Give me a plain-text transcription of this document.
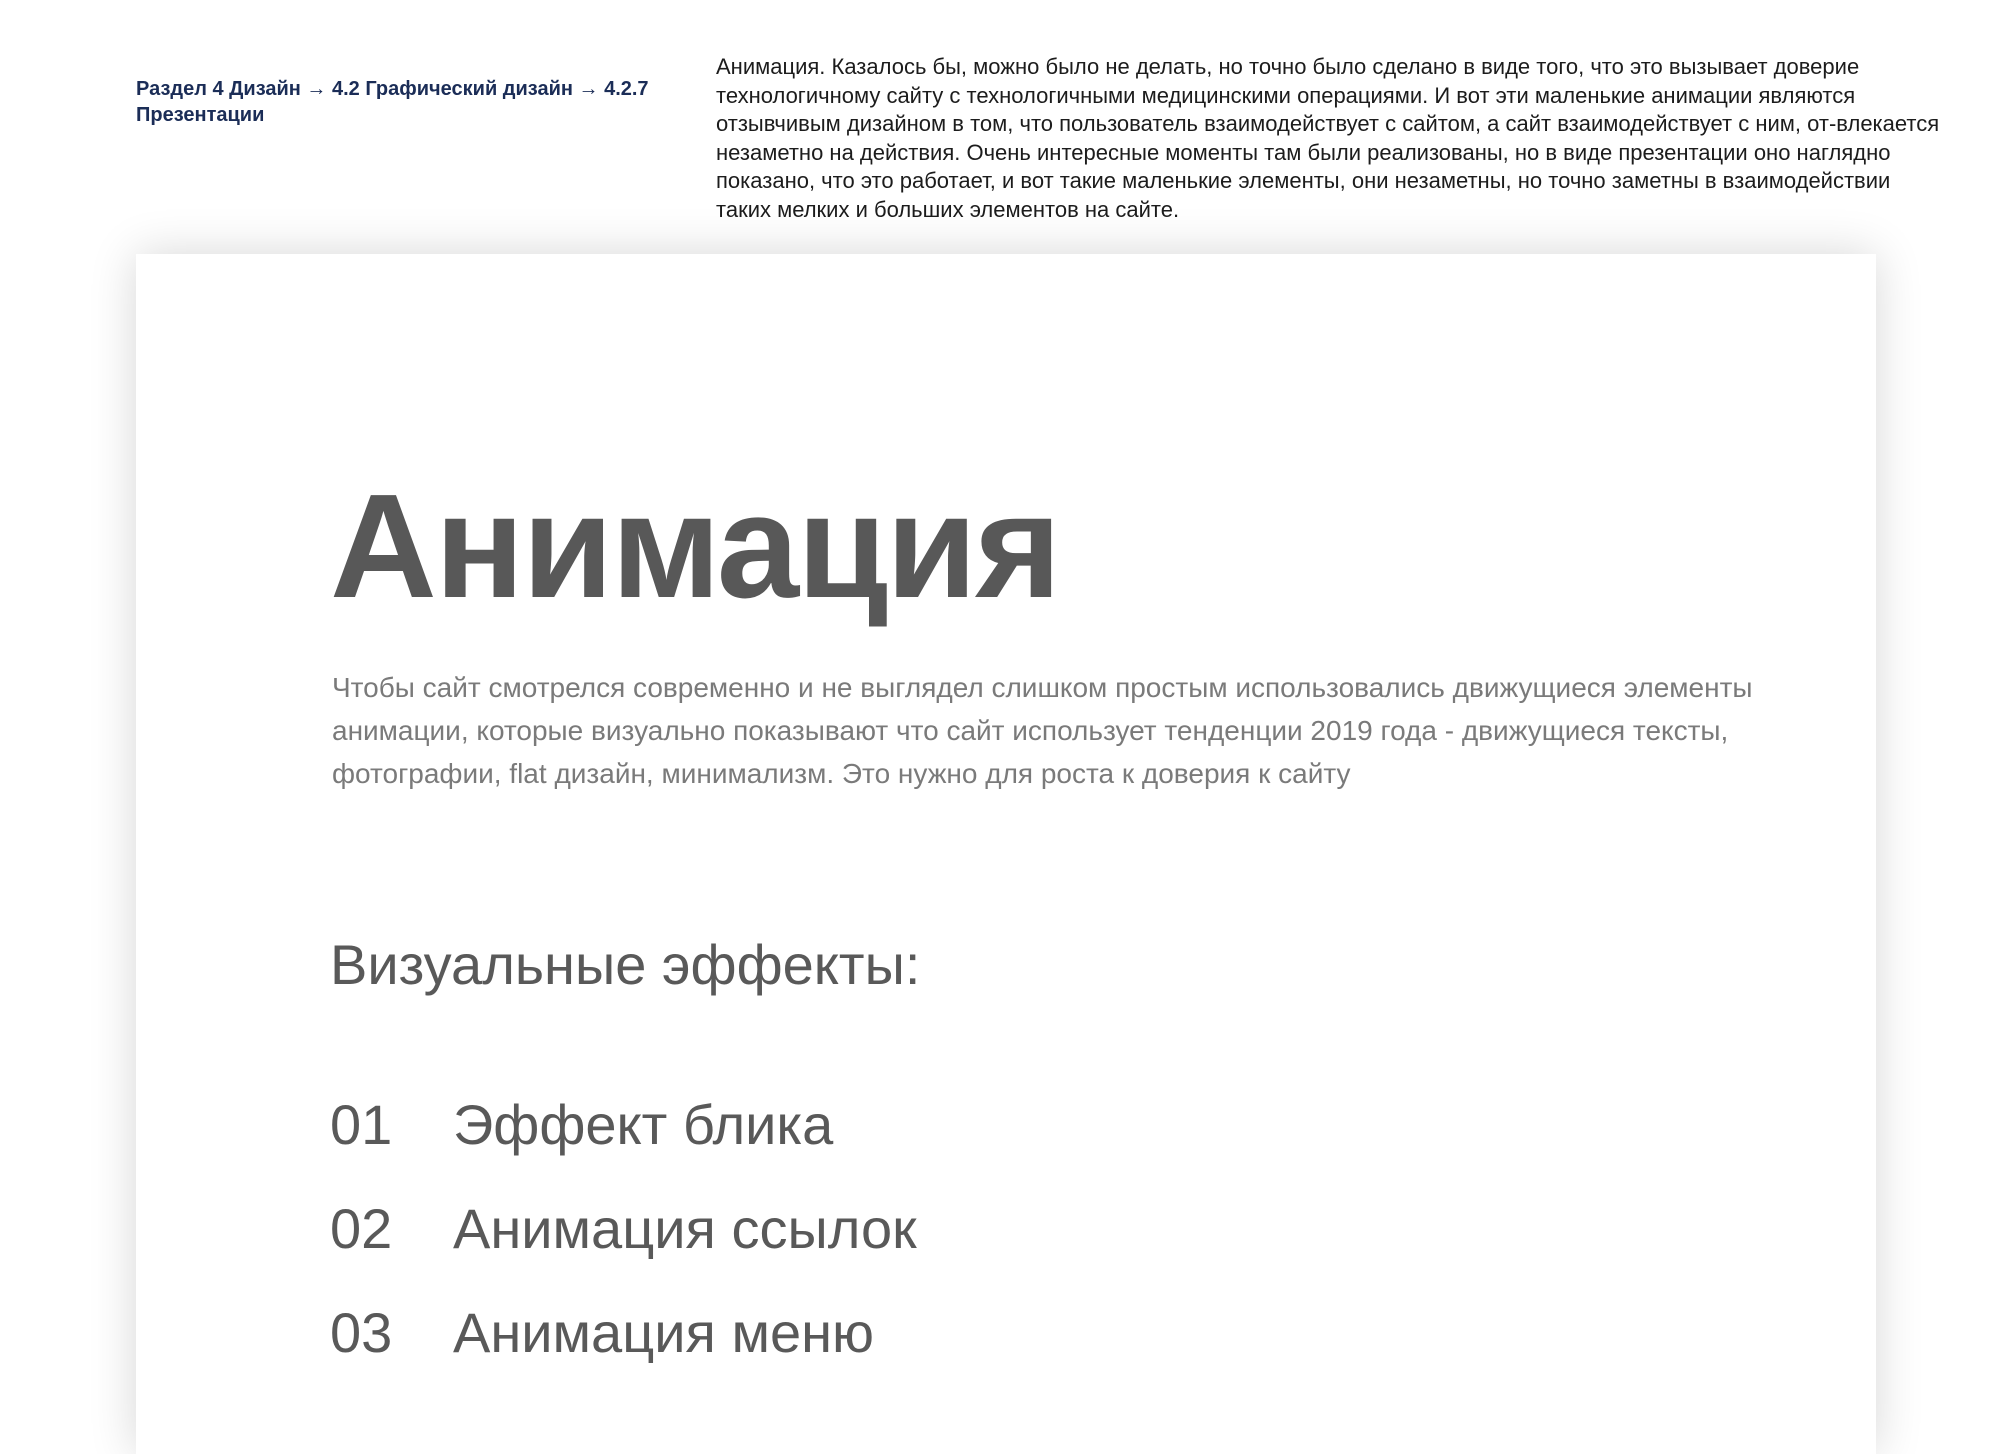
Раздел 4 Дизайн → 4.2 Графический дизайн → 4.2.7 Презентации

Анимация. Казалось бы, можно было не делать, но точно было сделано в виде того, что это вызывает доверие технологичному сайту с технологичными медицинскими операциями. И вот эти маленькие анимации являются отзывчивым дизайном в том, что пользователь взаимодействует с сайтом, а сайт взаимодействует с ним, от-влекается незаметно на действия. Очень интересные моменты там были реализованы, но в виде презентации оно наглядно показано, что это работает, и вот такие маленькие элементы, они незаметны, но точно заметны в взаимодействии таких мелких и больших элементов на сайте.

Анимация

Чтобы сайт смотрелся современно и не выглядел слишком простым использовались движущиеся элементы анимации, которые визуально показывают что сайт использует тенденции 2019 года - движущиеся тексты, фотографии, flat дизайн, минимализм. Это нужно для роста к доверия к сайту

Визуальные эффекты:
01	Эффект блика
02	Анимация ссылок
03	Анимация меню
